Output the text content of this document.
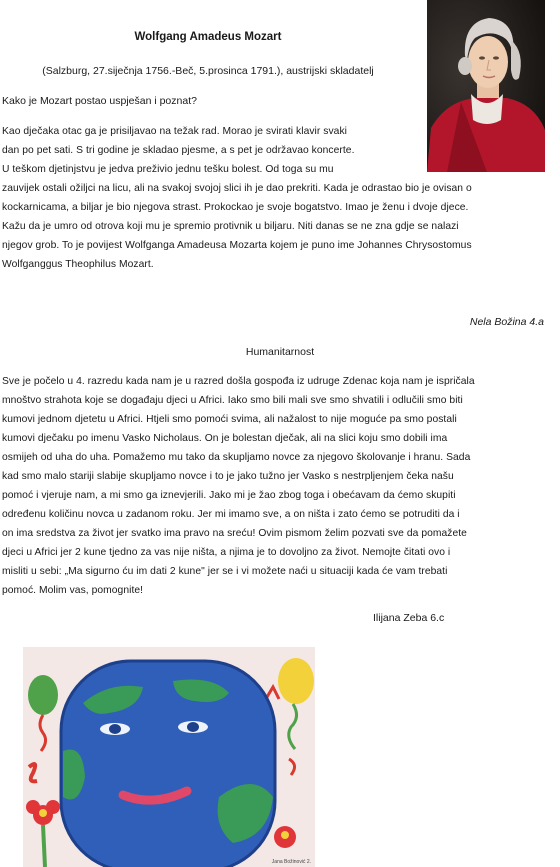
Wolfgang Amadeus Mozart
(Salzburg, 27.siječnja 1756.-Beč, 5.prosinca 1791.), austrijski skladatelj
Kako je Mozart postao uspješan i poznat?
Kao dječaka otac ga je prisiljavao na težak rad. Morao je svirati klavir svaki
dan po pet sati. S tri godine je skladao pjesme, a s pet je održavao koncerte.
U teškom djetinjstvu je jedva preživio jednu tešku bolest. Od toga su mu
zauvijek ostali ožiljci na licu, ali na svakoj svojoj slici ih je dao prekriti. Kada je odrastao bio je ovisan o
kockarnicama, a biljar je bio njegova strast. Prokockao je svoje bogatstvo. Imao je ženu i dvoje djece.
Kažu da je umro od otrova koji mu je spremio protivnik u biljaru. Niti danas se ne zna gdje se nalazi
njegov grob. To je povijest Wolfganga Amadeusa Mozarta kojem je puno ime Johannes Chrysostomus
Wolfganggus Theophilus Mozart.
Nela Božina 4.a
Humanitarnost
Sve je počelo u 4. razredu kada nam je u razred došla gospođa iz udruge Zdenac koja nam je ispričala
mnoštvo strahota koje se događaju djeci u Africi. Iako smo bili mali sve smo shvatili i odlučili smo biti
kumovi jednom djetetu u Africi. Htjeli smo pomoći svima, ali nažalost to nije moguće pa smo postali
kumovi dječaku po imenu Vasko Nicholaus. On je bolestan dječak, ali na slici koju smo dobili ima
osmijeh od uha do uha. Pomažemo mu tako da skupljamo novce za njegovo školovanje i hranu. Sada
kad smo malo stariji slabije skupljamo novce i to je jako tužno jer Vasko s nestrpljenjem čeka našu
pomoć i vjeruje nam, a mi smo ga iznevjerili. Jako mi je žao zbog toga i obećavam da ćemo skupiti
određenu količinu novca u zadanom roku. Jer mi imamo sve, a on ništa i zato ćemo se potruditi da i
on ima sredstva za život jer svatko ima pravo na sreću! Ovim pismom želim pozvati sve da pomažete
djeci u Africi jer 2 kune tjedno za vas nije ništa, a njima je to dovoljno za život. Nemojte čitati ovo i
misliti u sebi: „Ma sigurno ću im dati 2 kune" jer se i vi možete naći u situaciji kada će vam trebati
pomoć. Molim vas, pomognite!
Ilijana Zeba 6.c
Jana Božinović 2.
